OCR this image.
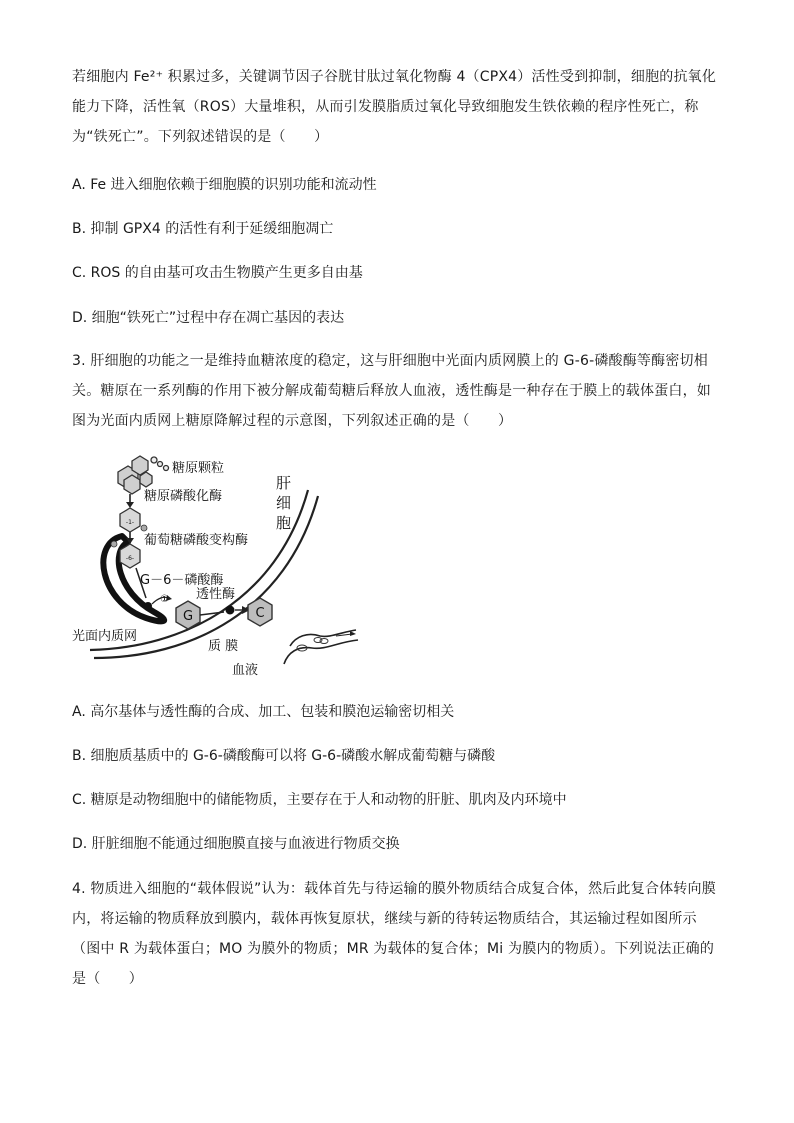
若细胞内 Fe²⁺ 积累过多，关键调节因子谷胱甘肽过氧化物酶 4（CPX4）活性受到抑制，细胞的抗氧化能力下降，活性氧（ROS）大量堆积，从而引发膜脂质过氧化导致细胞发生铁依赖的程序性死亡，称为“铁死亡”。下列叙述错误的是（　　）

A. Fe 进入细胞依赖于细胞膜的识别功能和流动性

B. 抑制 GPX4 的活性有利于延缓细胞凋亡

C. ROS 的自由基可攻击生物膜产生更多自由基

D. 细胞“铁死亡”过程中存在凋亡基因的表达

3. 肝细胞的功能之一是维持血糖浓度的稳定，这与肝细胞中光面内质网膜上的 G-6-磷酸酶等酶密切相关。糖原在一系列酶的作用下被分解成葡萄糖后释放人血液，透性酶是一种存在于膜上的载体蛋白，如图为光面内质网上糖原降解过程的示意图，下列叙述正确的是（　　）

-1-
-6-
G	C
糖原颗粒
糖原磷酸化酶
葡萄糖磷酸变构酶
G－6－磷酸酶
透性酶
光面内质网
质 膜
血液
肝
细
胞
①

A. 高尔基体与透性酶的合成、加工、包装和膜泡运输密切相关

B. 细胞质基质中的 G-6-磷酸酶可以将 G-6-磷酸水解成葡萄糖与磷酸

C. 糖原是动物细胞中的储能物质，主要存在于人和动物的肝脏、肌肉及内环境中

D. 肝脏细胞不能通过细胞膜直接与血液进行物质交换

4. 物质进入细胞的“载体假说”认为：载体首先与待运输的膜外物质结合成复合体，然后此复合体转向膜内，将运输的物质释放到膜内，载体再恢复原状，继续与新的待转运物质结合，其运输过程如图所示（图中 R 为载体蛋白；MO 为膜外的物质；MR 为载体的复合体；Mi 为膜内的物质）。下列说法正确的是（　　）
